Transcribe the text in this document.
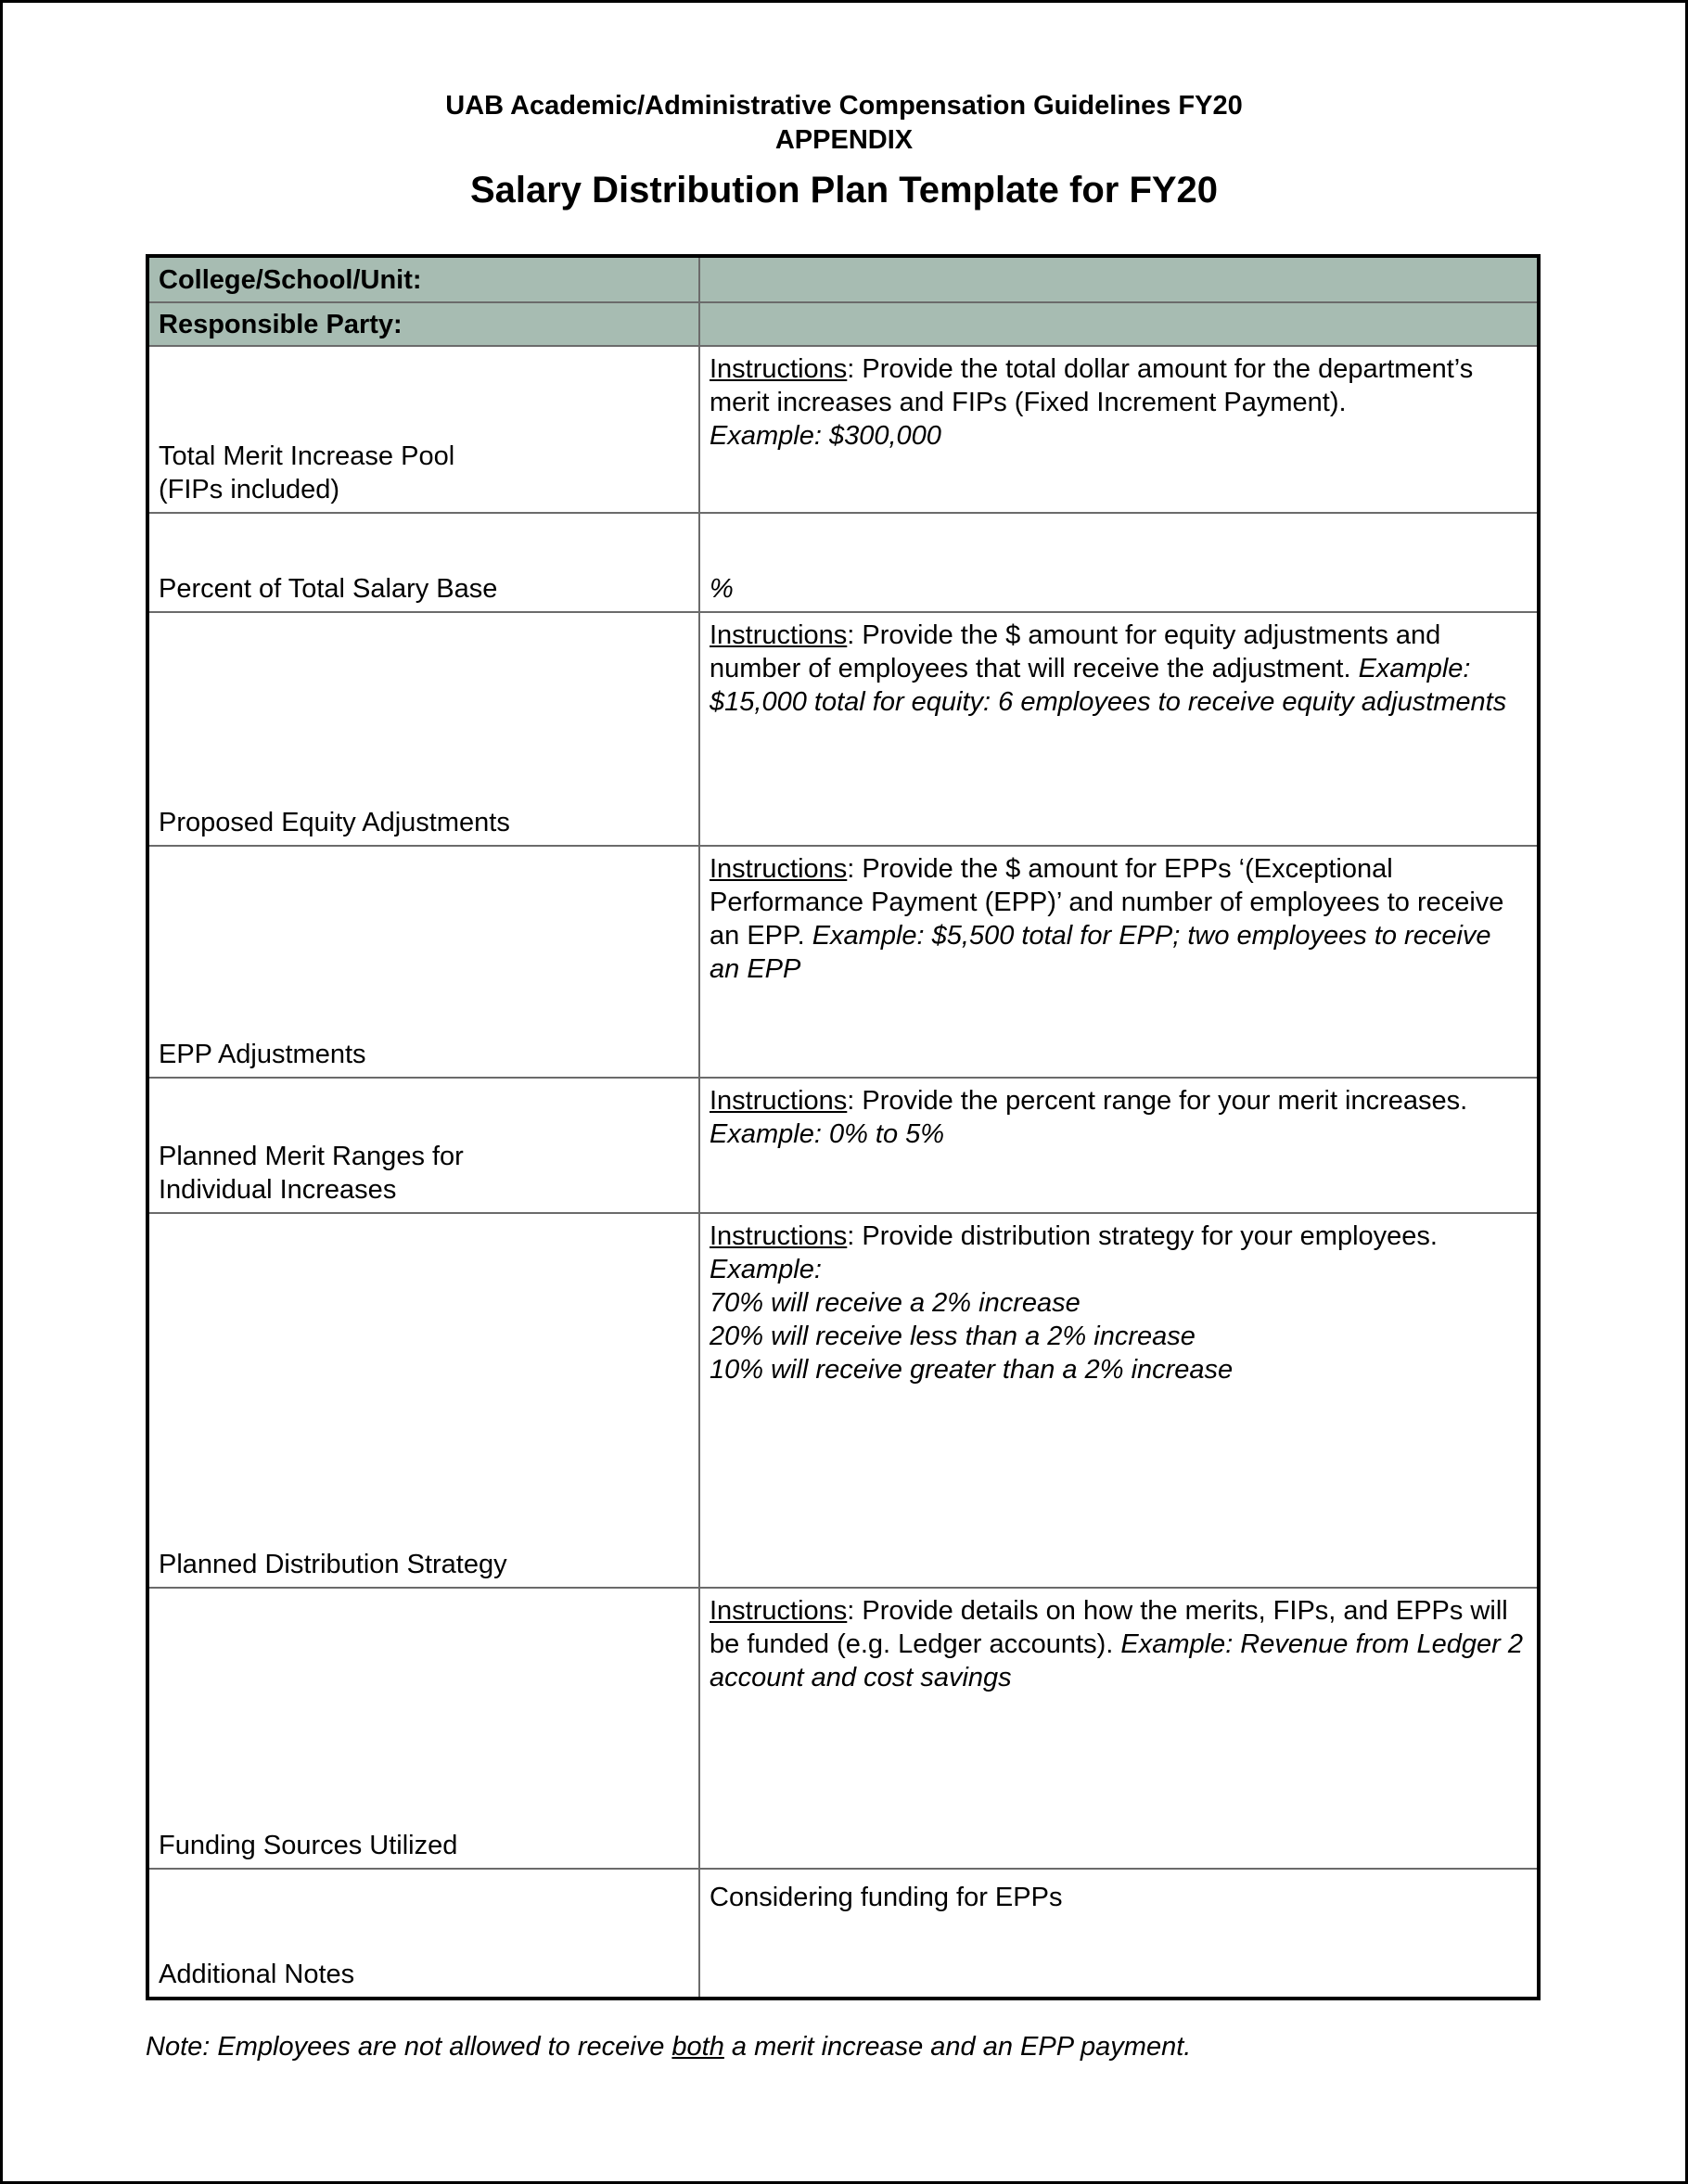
UAB Academic/Administrative Compensation Guidelines FY20
APPENDIX
Salary Distribution Plan Template for FY20
College/School/Unit:	
Responsible Party:	
Total Merit Increase Pool
(FIPs included)	Instructions: Provide the total dollar amount for the department’s merit increases and FIPs (Fixed Increment Payment).
Example: $300,000
Percent of Total Salary Base	%
Proposed Equity Adjustments	Instructions: Provide the $ amount for equity adjustments and number of employees that will receive the adjustment. Example: $15,000 total for equity: 6 employees to receive equity adjustments
EPP Adjustments	Instructions: Provide the $ amount for EPPs ‘(Exceptional Performance Payment (EPP)’ and number of employees to receive an EPP. Example: $5,500 total for EPP; two employees to receive an EPP
Planned Merit Ranges for
Individual Increases	Instructions: Provide the percent range for your merit increases.
Example: 0% to 5%
Planned Distribution Strategy	Instructions: Provide distribution strategy for your employees.
Example:
70% will receive a 2% increase
20% will receive less than a 2% increase
10% will receive greater than a 2% increase
Funding Sources Utilized	Instructions: Provide details on how the merits, FIPs, and EPPs will be funded (e.g. Ledger accounts). Example: Revenue from Ledger 2 account and cost savings
Additional Notes	Considering funding for EPPs
Note: Employees are not allowed to receive both a merit increase and an EPP payment.
